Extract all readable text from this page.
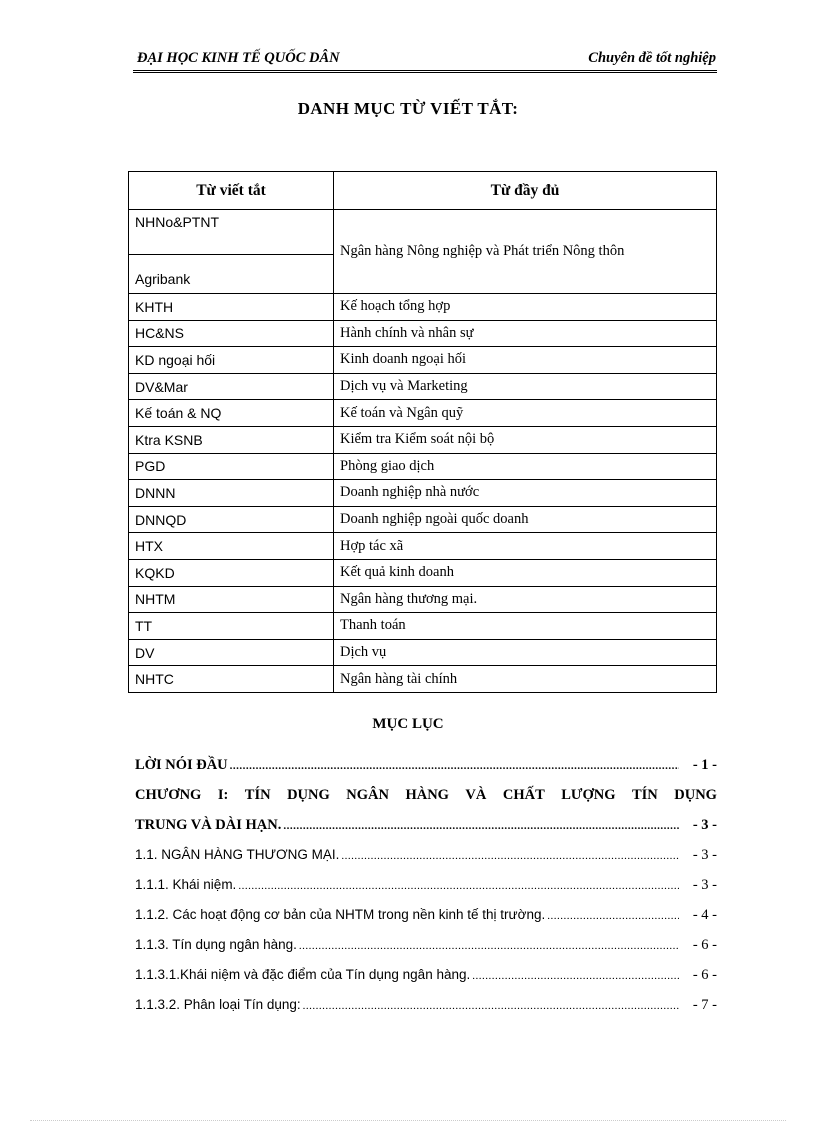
ĐẠI HỌC KINH TẾ QUỐC DÂN	Chuyên đề tốt nghiệp
DANH MỤC TỪ VIẾT TẮT:
Từ viết tắt	Từ đầy đủ
NHNo&PTNT	Ngân hàng Nông nghiệp và Phát triển Nông thôn
Agribank	
KHTH	Kế hoạch tổng hợp
HC&NS	Hành chính và nhân sự
KD ngoại hối	Kinh doanh ngoại hối
DV&Mar	Dịch vụ và Marketing
Kế toán & NQ	Kế toán và Ngân quỹ
Ktra KSNB	Kiểm tra Kiểm soát nội bộ
PGD	Phòng giao dịch
DNNN	Doanh nghiệp nhà nước
DNNQD	Doanh nghiệp ngoài quốc doanh
HTX	Hợp tác xã
KQKD	Kết quả kinh doanh
NHTM	Ngân hàng thương mại.
TT	Thanh toán
DV	Dịch vụ
NHTC	Ngân hàng tài chính
MỤC LỤC
LỜI NÓI ĐẦU .....	- 1 -
CHƯƠNG I: TÍN DỤNG NGÂN HÀNG VÀ CHẤT LƯỢNG TÍN DỤNG
TRUNG VÀ DÀI HẠN. .....	- 3 -
1.1. NGÂN HÀNG THƯƠNG MẠI. .....	- 3 -
1.1.1. Khái niệm. .....	- 3 -
1.1.2. Các hoạt động cơ bản của NHTM trong nền kinh tế thị trường. .....	- 4 -
1.1.3. Tín dụng ngân hàng. .....	- 6 -
1.1.3.1.Khái niệm và đặc điểm của Tín dụng ngân hàng. .....	- 6 -
1.1.3.2. Phân loại Tín dụng: .....	- 7 -
